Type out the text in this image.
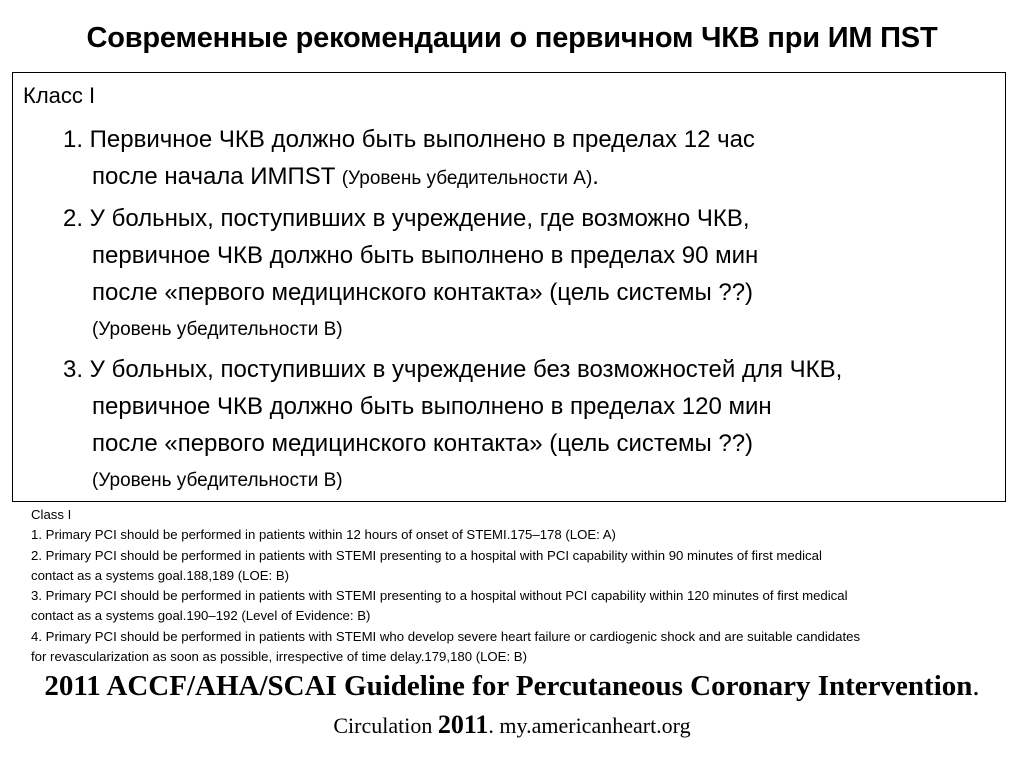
Современные рекомендации о первичном ЧКВ при ИМ ПST
Класс I
1. Первичное ЧКВ должно быть выполнено в пределах 12 час
после начала ИМПST (Уровень убедительности А).
2. У больных, поступивших в учреждение, где возможно ЧКВ,
первичное ЧКВ должно быть выполнено в пределах 90 мин
после «первого медицинского контакта» (цель системы ??)
(Уровень убедительности В)
3. У больных, поступивших в учреждение без возможностей для ЧКВ,
первичное ЧКВ должно быть выполнено в пределах 120 мин
после «первого медицинского контакта» (цель системы ??)
(Уровень убедительности В)
Class I
1. Primary PCI should be performed in patients within 12 hours of onset of STEMI.175–178 (LOE: A)
2. Primary PCI should be performed in patients with STEMI presenting to a hospital with PCI capability within 90 minutes of first medical
contact as a systems goal.188,189 (LOE: B)
3. Primary PCI should be performed in patients with STEMI presenting to a hospital without PCI capability within 120 minutes of first medical
contact as a systems goal.190–192 (Level of Evidence: B)
4. Primary PCI should be performed in patients with STEMI who develop severe heart failure or cardiogenic shock and are suitable candidates
for revascularization as soon as possible, irrespective of time delay.179,180 (LOE: B)
2011 ACCF/AHA/SCAI Guideline for Percutaneous Coronary Intervention.
Circulation 2011. my.americanheart.org
